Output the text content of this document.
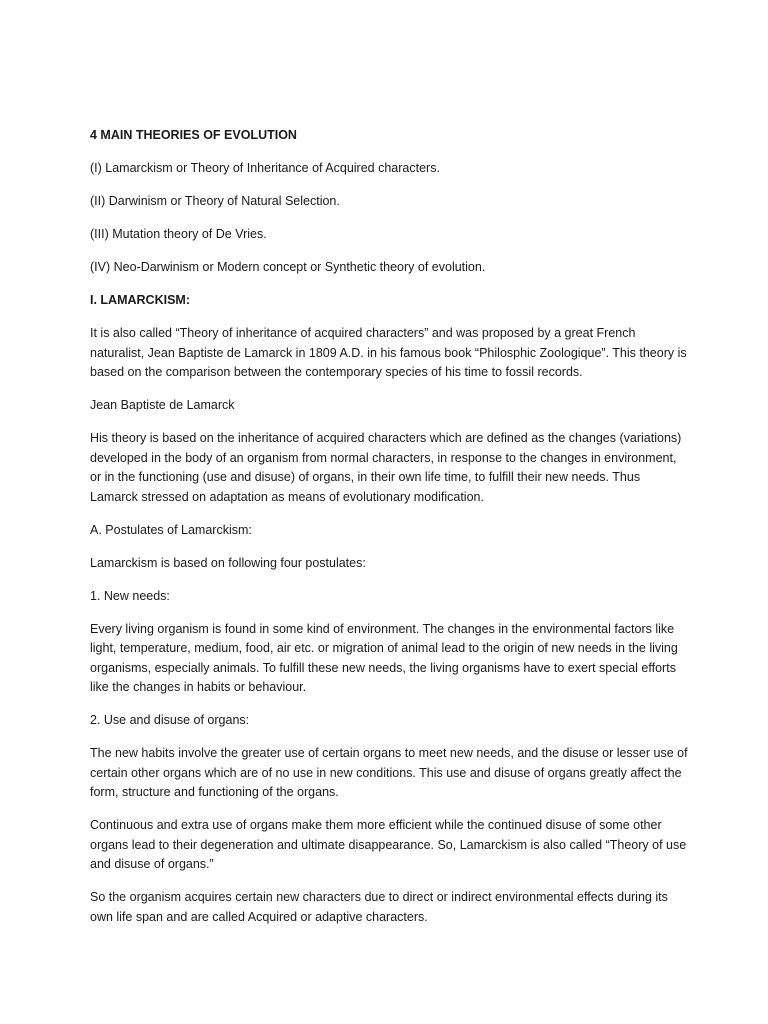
4 MAIN THEORIES OF EVOLUTION

(I) Lamarckism or Theory of Inheritance of Acquired characters.

(II) Darwinism or Theory of Natural Selection.

(III) Mutation theory of De Vries.

(IV) Neo-Darwinism or Modern concept or Synthetic theory of evolution.

I. LAMARCKISM:

It is also called “Theory of inheritance of acquired characters” and was proposed by a great French naturalist, Jean Baptiste de Lamarck in 1809 A.D. in his famous book “Philosphic Zoologique”. This theory is based on the comparison between the contemporary species of his time to fossil records.

Jean Baptiste de Lamarck

His theory is based on the inheritance of acquired characters which are defined as the changes (variations) developed in the body of an organism from normal characters, in response to the changes in environment, or in the functioning (use and disuse) of organs, in their own life time, to fulfill their new needs. Thus Lamarck stressed on adaptation as means of evolutionary modification.

A. Postulates of Lamarckism:

Lamarckism is based on following four postulates:

1. New needs:

Every living organism is found in some kind of environment. The changes in the environmental factors like light, temperature, medium, food, air etc. or migration of animal lead to the origin of new needs in the living organisms, especially animals. To fulfill these new needs, the living organisms have to exert special efforts like the changes in habits or behaviour.

2. Use and disuse of organs:

The new habits involve the greater use of certain organs to meet new needs, and the disuse or lesser use of certain other organs which are of no use in new conditions. This use and disuse of organs greatly affect the form, structure and functioning of the organs.

Continuous and extra use of organs make them more efficient while the continued disuse of some other organs lead to their degeneration and ultimate disappearance. So, Lamarckism is also called “Theory of use and disuse of organs.”

So the organism acquires certain new characters due to direct or indirect environmental effects during its own life span and are called Acquired or adaptive characters.
